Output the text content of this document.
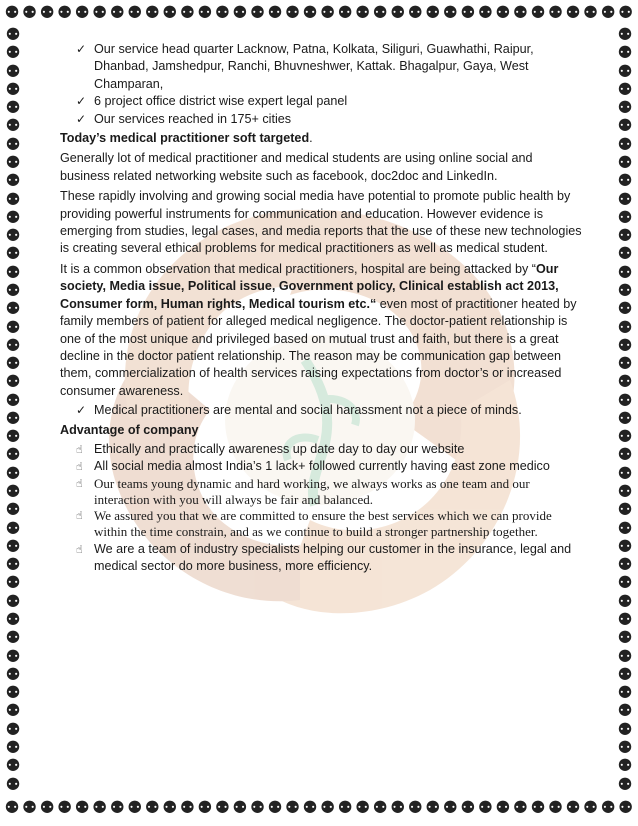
⚉ ⚉ ⚉ ⚉ ⚉ ⚉ ⚉ ⚉ ⚉ ⚉ ⚉ ⚉ ⚉ ⚉ ⚉ ⚉ ⚉ ⚉ ⚉ ⚉ ⚉ ⚉ ⚉ ⚉ ⚉ ⚉ ⚉ ⚉ ⚉ ⚉ ⚉ ⚉ ⚉ ⚉ ⚉ ⚉
⚉ ⚉ ⚉ ⚉ ⚉ ⚉ ⚉ ⚉ ⚉ ⚉ ⚉ ⚉ ⚉ ⚉ ⚉ ⚉ ⚉ ⚉ ⚉ ⚉ ⚉ ⚉ ⚉ ⚉ ⚉ ⚉ ⚉ ⚉ ⚉ ⚉ ⚉ ⚉ ⚉ ⚉ ⚉ ⚉
⚉
⚉
⚉
⚉
⚉
⚉
⚉
⚉
⚉
⚉
⚉
⚉
⚉
⚉
⚉
⚉
⚉
⚉
⚉
⚉
⚉
⚉
⚉
⚉
⚉
⚉
⚉
⚉
⚉
⚉
⚉
⚉
⚉
⚉
⚉
⚉
⚉
⚉
⚉
⚉
⚉
⚉
⚉
⚉
⚉
⚉
⚉
⚉
⚉
⚉
⚉
⚉
⚉
⚉
⚉
⚉
⚉
⚉
⚉
⚉
⚉
⚉
⚉
⚉
⚉
⚉
⚉
⚉
⚉
⚉
⚉
⚉
⚉
⚉
⚉
⚉
⚉
⚉
⚉
⚉
⚉
⚉
⚉
⚉
✓ Our service head quarter Lacknow, Patna, Kolkata, Siliguri, Guawhathi, Raipur, Dhanbad, Jamshedpur, Ranchi, Bhuvneshwer, Kattak. Bhagalpur, Gaya, West Champaran,
✓ 6 project office district wise expert legal panel
✓ Our services reached in 175+ cities
Today’s medical practitioner soft targeted.

Generally lot of medical practitioner and medical students are using online social and business related networking website such as facebook, doc2doc and LinkedIn.

These rapidly involving and growing social media have potential to promote public health by providing powerful instruments for communication and education. However evidence is emerging from studies, legal cases, and media reports that the use of these new technologies is creating several ethical problems for medical practitioners as well as medical student.

It is a common observation that medical practitioners, hospital are being attacked by “Our society, Media issue, Political issue, Government policy, Clinical establish act 2013, Consumer form, Human rights, Medical tourism etc.“ even most of practitioner heated by family members of patient for alleged medical negligence. The doctor-patient relationship is one of the most unique and privileged based on mutual trust and faith, but there is a great decline in the doctor patient relationship. The reason may be communication gap between them, commercialization of health services raising expectations from doctor’s or increased consumer awareness.

✓ Medical practitioners are mental and social harassment not a piece of minds.
Advantage of company
☝ Ethically and practically awareness up date day to day our website
☝ All social media almost India’s 1 lack+ followed currently having east zone medico
☝ Our teams young dynamic and hard working, we always works as one team and our interaction with you will always be fair and balanced.
☝ We assured you that we are committed to ensure the best services which we can provide within the time constrain, and as we continue to build a stronger partnership together.
☝ We are a team of industry specialists helping our customer in the insurance, legal and medical sector do more business, more efficiency.
